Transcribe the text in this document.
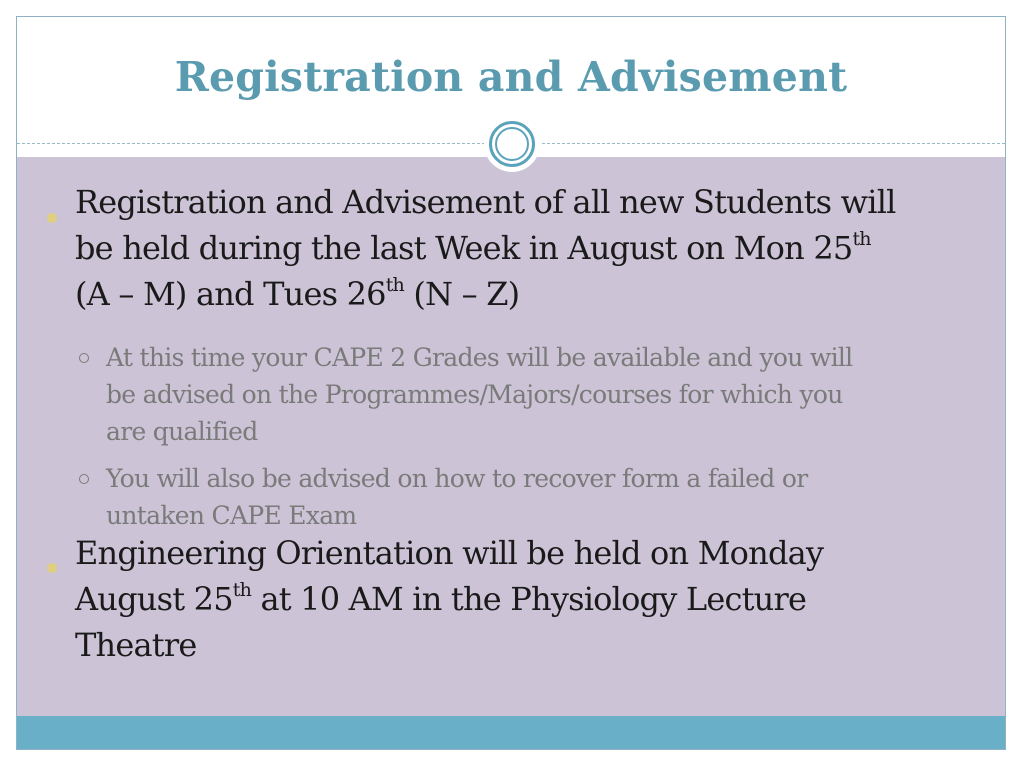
Registration and Advisement
Registration and Advisement of all new Students will
be held during the last Week in August on Mon 25th
(A – M) and Tues 26th (N – Z)
At this time your CAPE 2 Grades will be available and you will
be advised on the Programmes/Majors/courses for which you
are qualified
You will also be advised on how to recover form a failed or
untaken CAPE Exam
Engineering Orientation will be held on Monday
August 25th at 10 AM in the Physiology Lecture
Theatre
